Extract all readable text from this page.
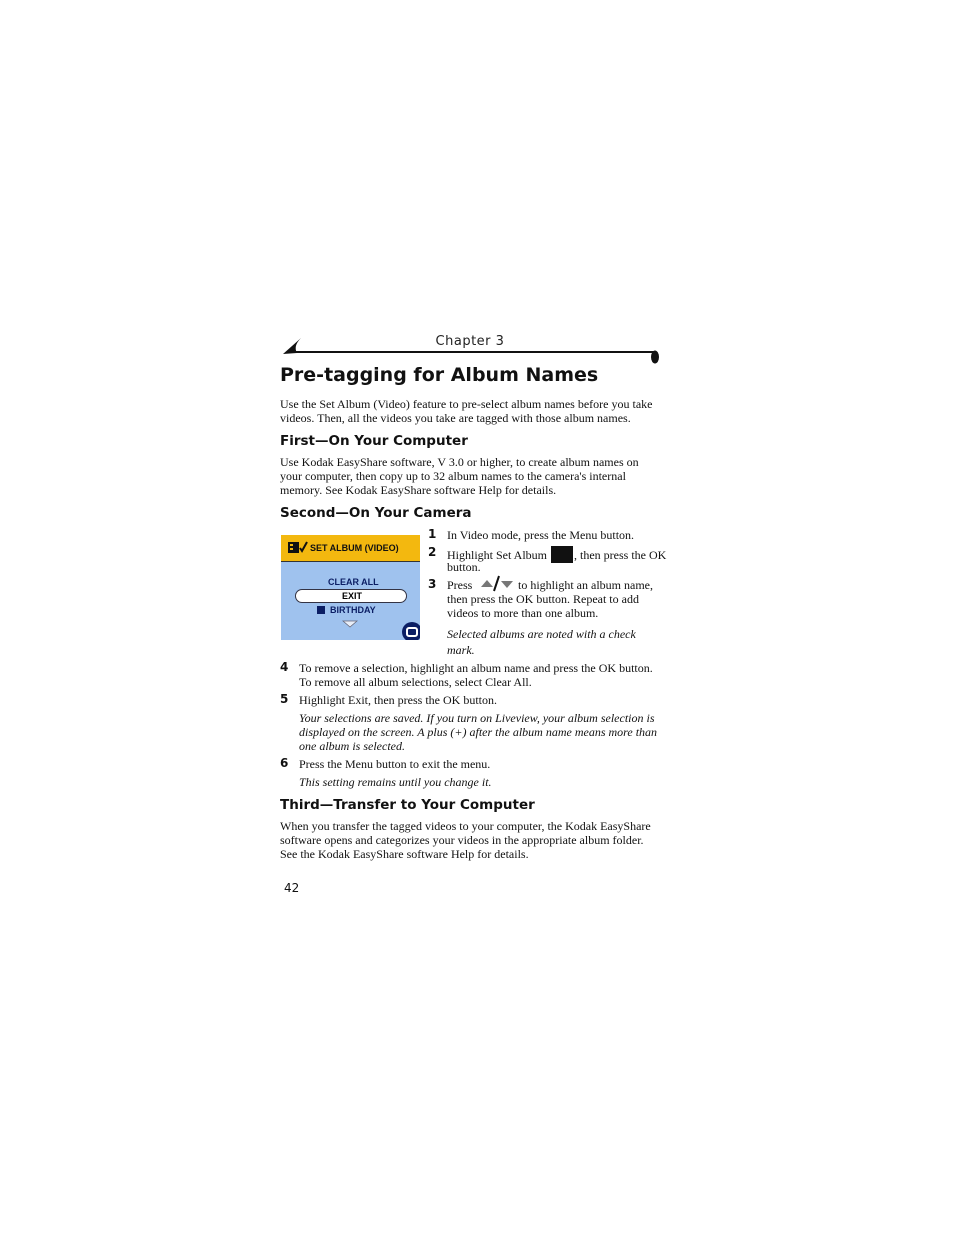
Chapter 3
Pre-tagging for Album Names
Use the Set Album (Video) feature to pre-select album names before you take videos. Then, all the videos you take are tagged with those album names.
First—On Your Computer
Use Kodak EasyShare software, V 3.0 or higher, to create album names on your computer, then copy up to 32 album names to the camera's internal memory. See Kodak EasyShare software Help for details.
Second—On Your Camera
SET ALBUM (VIDEO)
CLEAR ALL
EXIT
BIRTHDAY
1 In Video mode, press the Menu button.
2 Highlight Set Album , then press the OK
button.
3 Press	to highlight an album name,
then press the OK button. Repeat to add videos to more than one album.
Selected albums are noted with a check mark.
4 To remove a selection, highlight an album name and press the OK button. To remove all album selections, select Clear All.
5 Highlight Exit, then press the OK button.
Your selections are saved. If you turn on Liveview, your album selection is displayed on the screen. A plus (+) after the album name means more than one album is selected.
6 Press the Menu button to exit the menu.
This setting remains until you change it.
Third—Transfer to Your Computer
When you transfer the tagged videos to your computer, the Kodak EasyShare software opens and categorizes your videos in the appropriate album folder. See the Kodak EasyShare software Help for details.
42
